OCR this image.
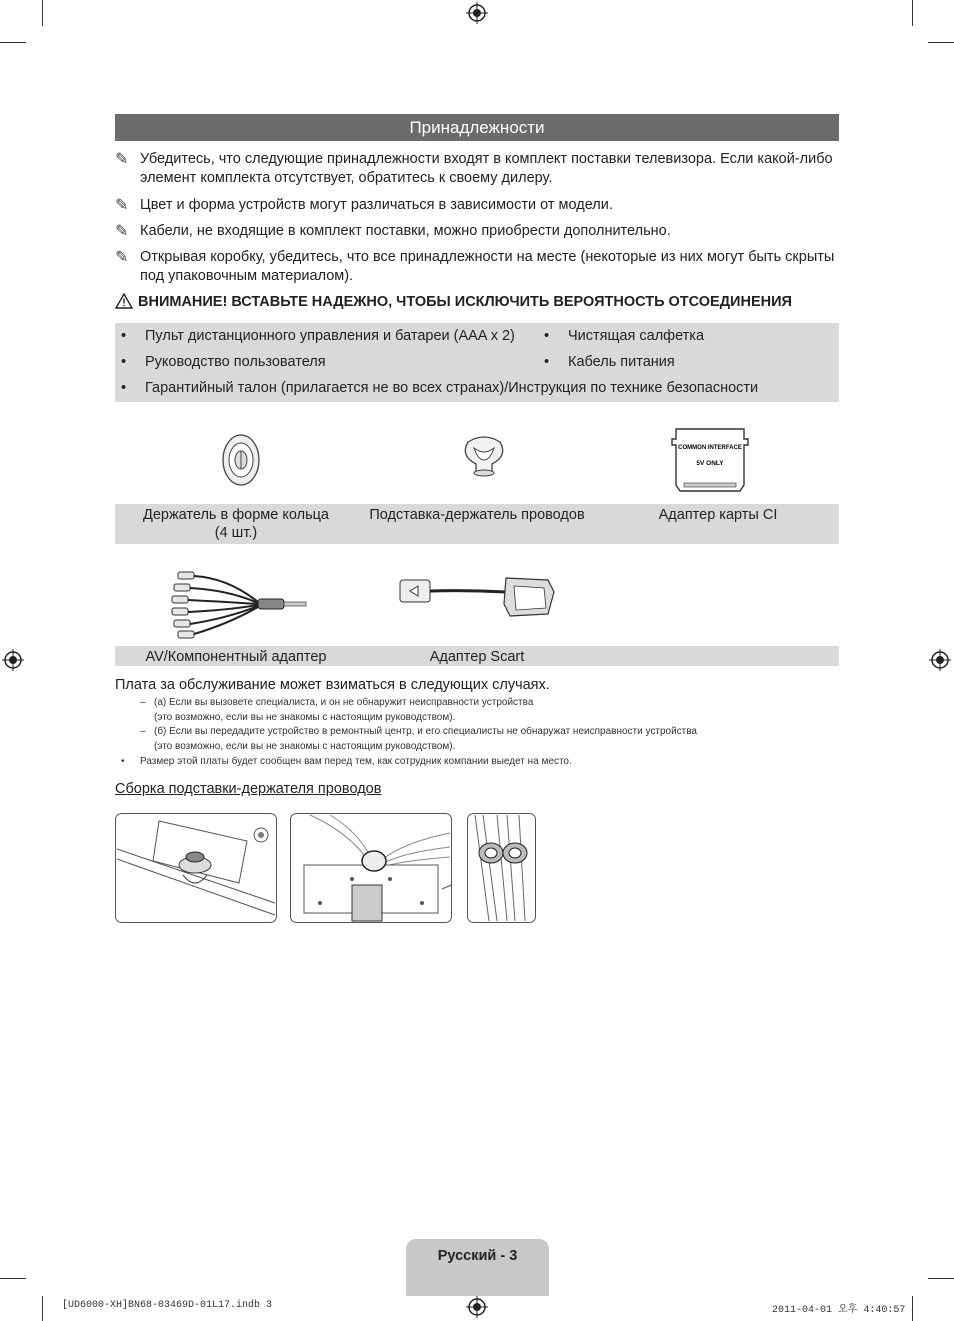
Принадлежности
✎ Убедитесь, что следующие принадлежности входят в комплект поставки телевизора. Если какой-либо элемент комплекта отсутствует, обратитесь к своему дилеру.
✎ Цвет и форма устройств могут различаться в зависимости от модели.
✎ Кабели, не входящие в комплект поставки, можно приобрести дополнительно.
✎ Открывая коробку, убедитесь, что все принадлежности на месте (некоторые из них могут быть скрыты под упаковочным материалом).
ВНИМАНИЕ! ВСТАВЬТЕ НАДЕЖНО, ЧТОБЫ ИСКЛЮЧИТЬ ВЕРОЯТНОСТЬ ОТСОЕДИНЕНИЯ
• Пульт дистанционного управления и батареи (AAA x 2) • Чистящая салфетка
• Руководство пользователя	• Кабель питания
• Гарантийный талон (прилагается не во всех странах)/Инструкция по технике безопасности
COMMON INTERFACE
5V ONLY
Держатель в форме кольца
(4 шт.)
Подставка-держатель проводов	Адаптер карты CI
AV/Компонентный адаптер	Адаптер Scart
Плата за обслуживание может взиматься в следующих случаях.
– (a) Если вы вызовете специалиста, и он не обнаружит неисправности устройства
(это возможно, если вы не знакомы с настоящим руководством).
– (б) Если вы передадите устройство в ремонтный центр, и его специалисты не обнаружат неисправности устройства
(это возможно, если вы не знакомы с настоящим руководством).
• Размер этой платы будет сообщен вам перед тем, как сотрудник компании выедет на место.
Сборка подставки-держателя проводов
Русский - 3
[UD6000-XH]BN68-03469D-01L17.indb 3	2011-04-01 오후 4:40:57
